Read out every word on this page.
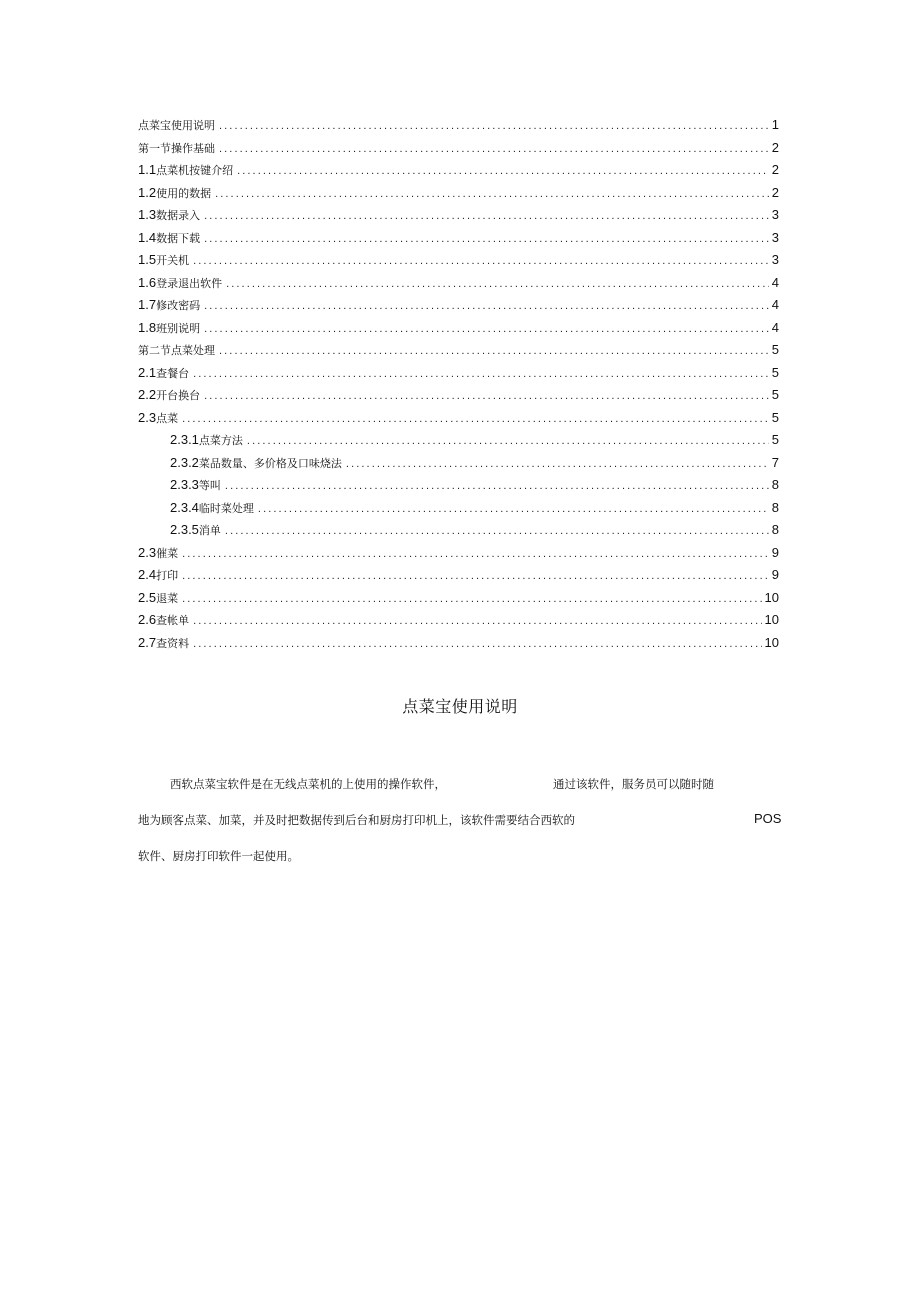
点菜宝使用说明 .....	1
第一节操作基础 .....	2
1.1 点菜机按键介绍 .....	2
1.2 使用的数据 .....	2
1.3 数据录入 .....	3
1.4 数据下载 .....	3
1.5 开关机 .....	3
1.6 登录退出软件 .....	4
1.7 修改密码 .....	4
1.8 班别说明 .....	4
第二节点菜处理 .....	5
2.1 查餐台 .....	5
2.2 开台换台 .....	5
2.3 点菜 .....	5
2.3.1 点菜方法 .....	5
2.3.2 菜品数量、多价格及口味烧法 .....	7
2.3.3 等叫 .....	8
2.3.4 临时菜处理 .....	8
2.3.5 消单 .....	8
2.3 催菜 .....	9
2.4 打印 .....	9
2.5 退菜 .....	10
2.6 查帐单 .....	10
2.7 查资料 .....	10
点菜宝使用说明
西软点菜宝软件是在无线点菜机的上使用的操作软件，	通过该软件，服务员可以随时随
地为顾客点菜、加菜，并及时把数据传到后台和厨房打印机上，该软件需要结合西软的	POS
软件、厨房打印软件一起使用。
